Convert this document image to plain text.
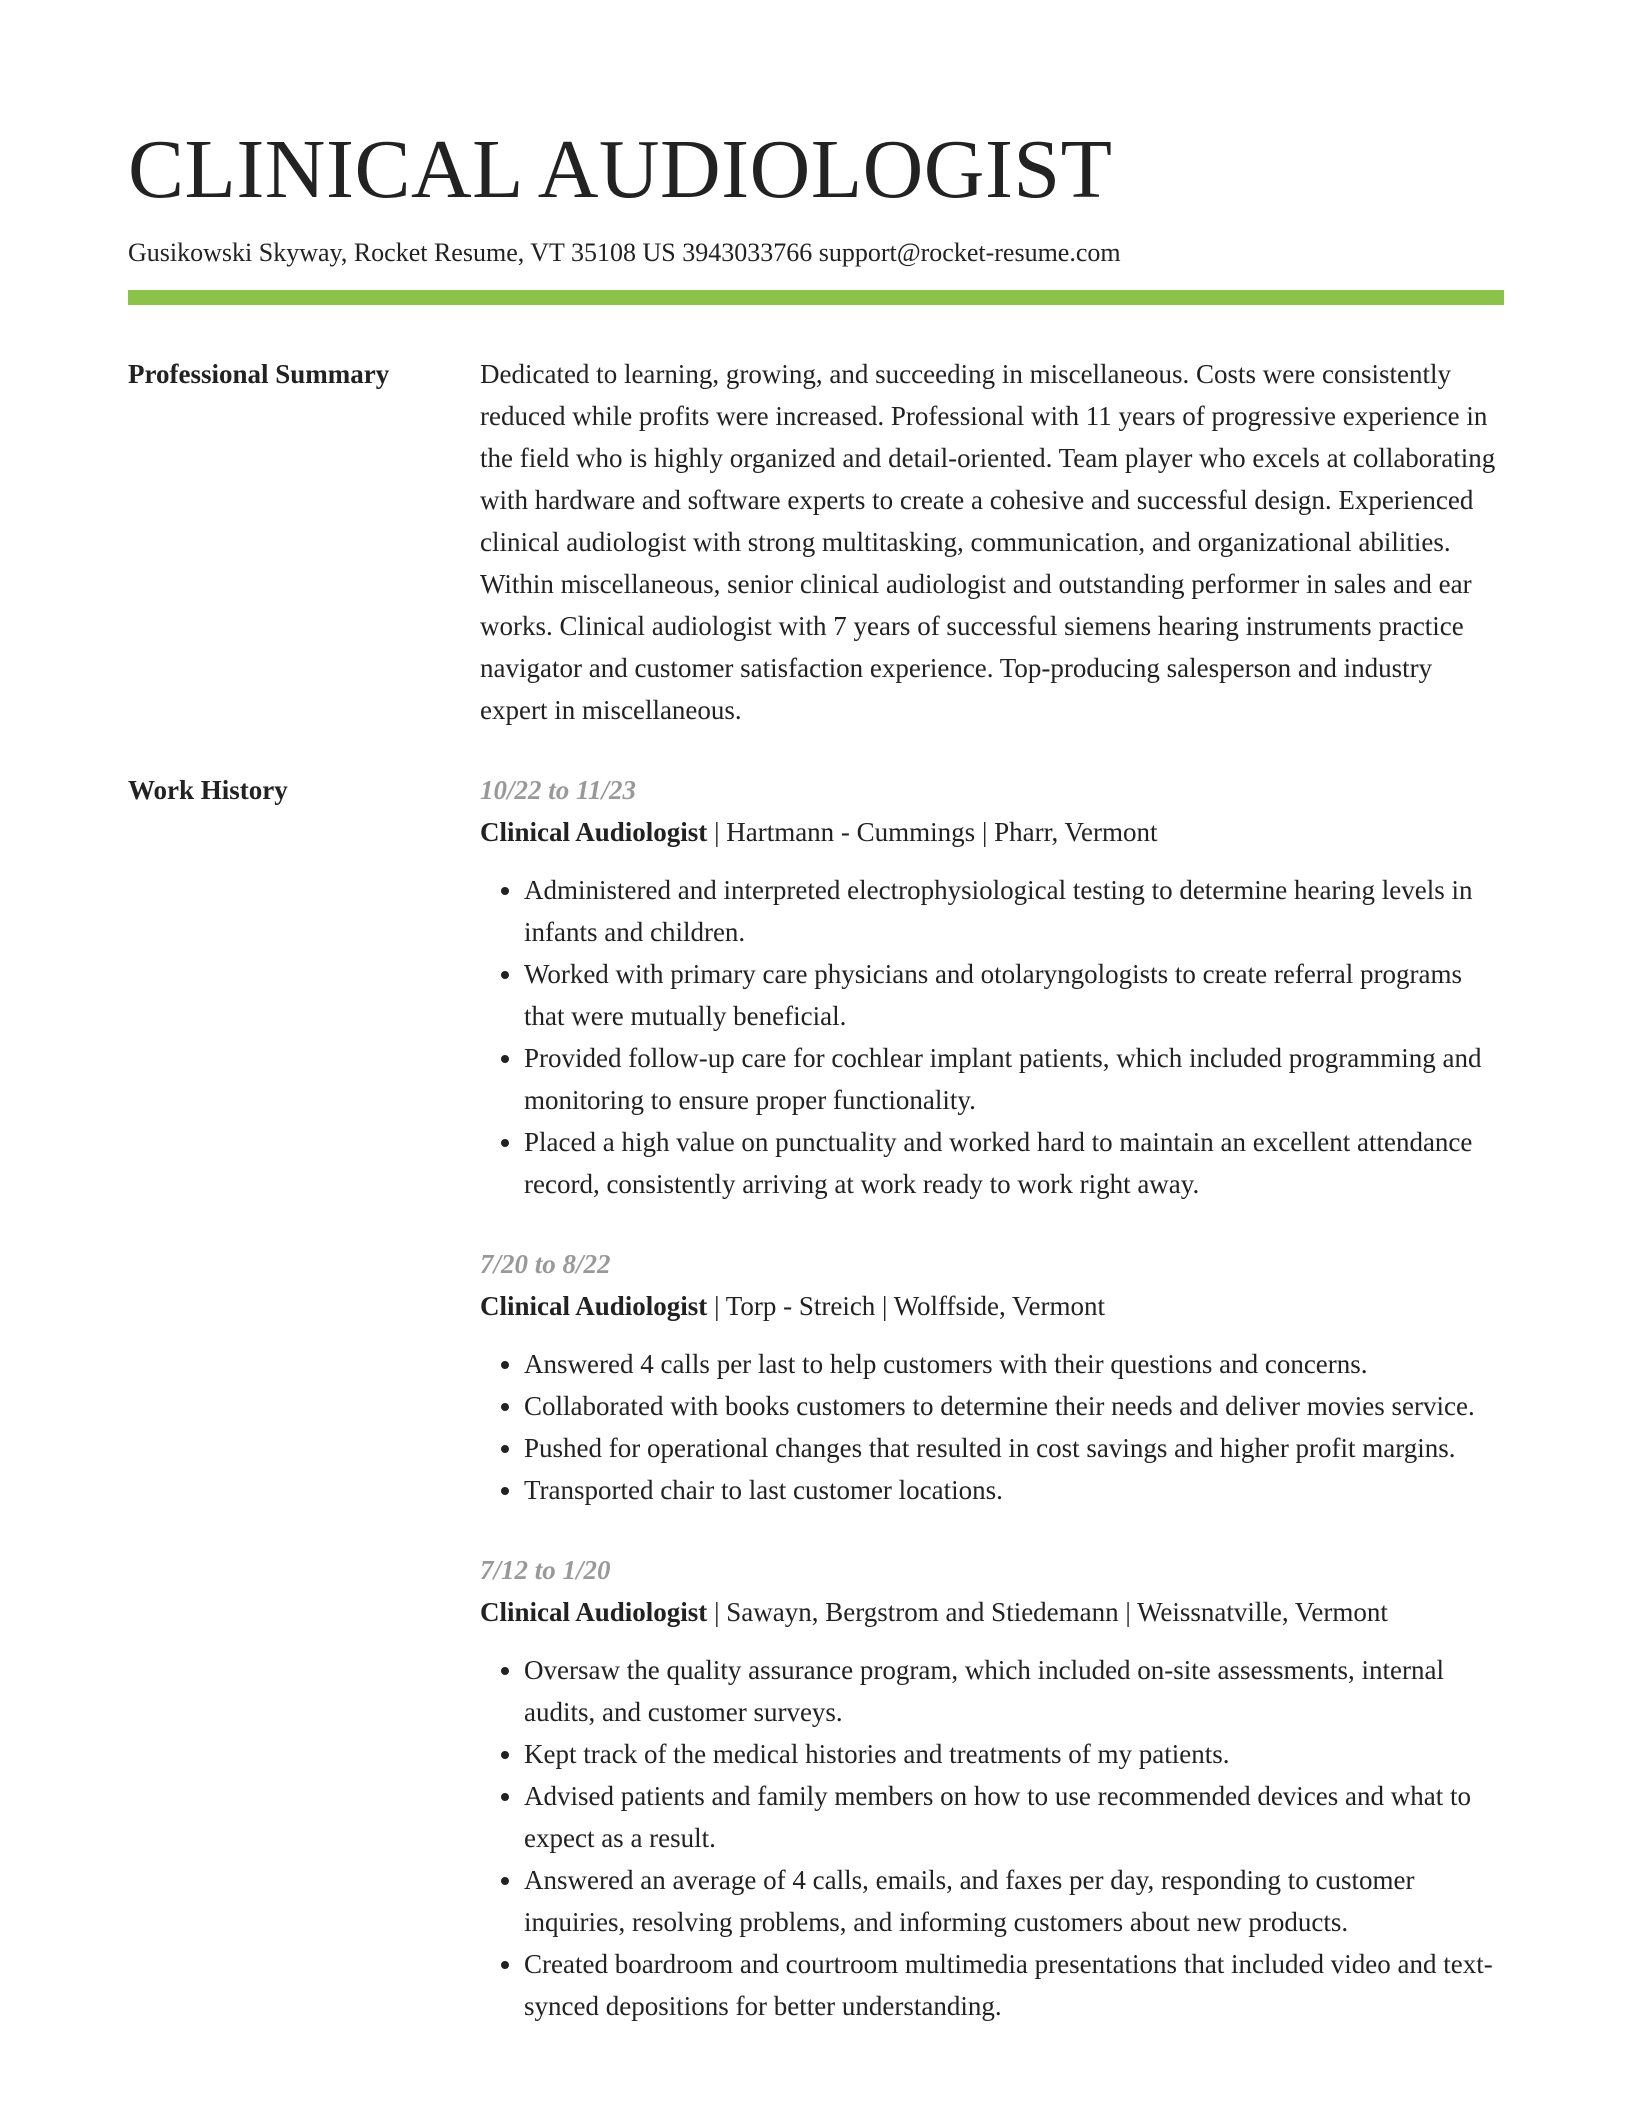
CLINICAL AUDIOLOGIST
Gusikowski Skyway, Rocket Resume, VT 35108 US 3943033766 support@rocket-resume.com
Professional Summary	Dedicated to learning, growing, and succeeding in miscellaneous. Costs were consistently reduced while profits were increased. Professional with 11 years of progressive experience in the field who is highly organized and detail-oriented. Team player who excels at collaborating with hardware and software experts to create a cohesive and successful design. Experienced clinical audiologist with strong multitasking, communication, and organizational abilities. Within miscellaneous, senior clinical audiologist and outstanding performer in sales and ear works. Clinical audiologist with 7 years of successful siemens hearing instruments practice navigator and customer satisfaction experience. Top-producing salesperson and industry expert in miscellaneous.

Work History	10/22 to 11/23
Clinical Audiologist | Hartmann - Cummings | Pharr, Vermont
• Administered and interpreted electrophysiological testing to determine hearing levels in infants and children.
• Worked with primary care physicians and otolaryngologists to create referral programs that were mutually beneficial.
• Provided follow-up care for cochlear implant patients, which included programming and monitoring to ensure proper functionality.
• Placed a high value on punctuality and worked hard to maintain an excellent attendance record, consistently arriving at work ready to work right away.
7/20 to 8/22
Clinical Audiologist | Torp - Streich | Wolffside, Vermont
• Answered 4 calls per last to help customers with their questions and concerns.
• Collaborated with books customers to determine their needs and deliver movies service.
• Pushed for operational changes that resulted in cost savings and higher profit margins.
• Transported chair to last customer locations.
7/12 to 1/20
Clinical Audiologist | Sawayn, Bergstrom and Stiedemann | Weissnatville, Vermont
• Oversaw the quality assurance program, which included on-site assessments, internal audits, and customer surveys.
• Kept track of the medical histories and treatments of my patients.
• Advised patients and family members on how to use recommended devices and what to expect as a result.
• Answered an average of 4 calls, emails, and faxes per day, responding to customer inquiries, resolving problems, and informing customers about new products.
• Created boardroom and courtroom multimedia presentations that included video and text-synced depositions for better understanding.
